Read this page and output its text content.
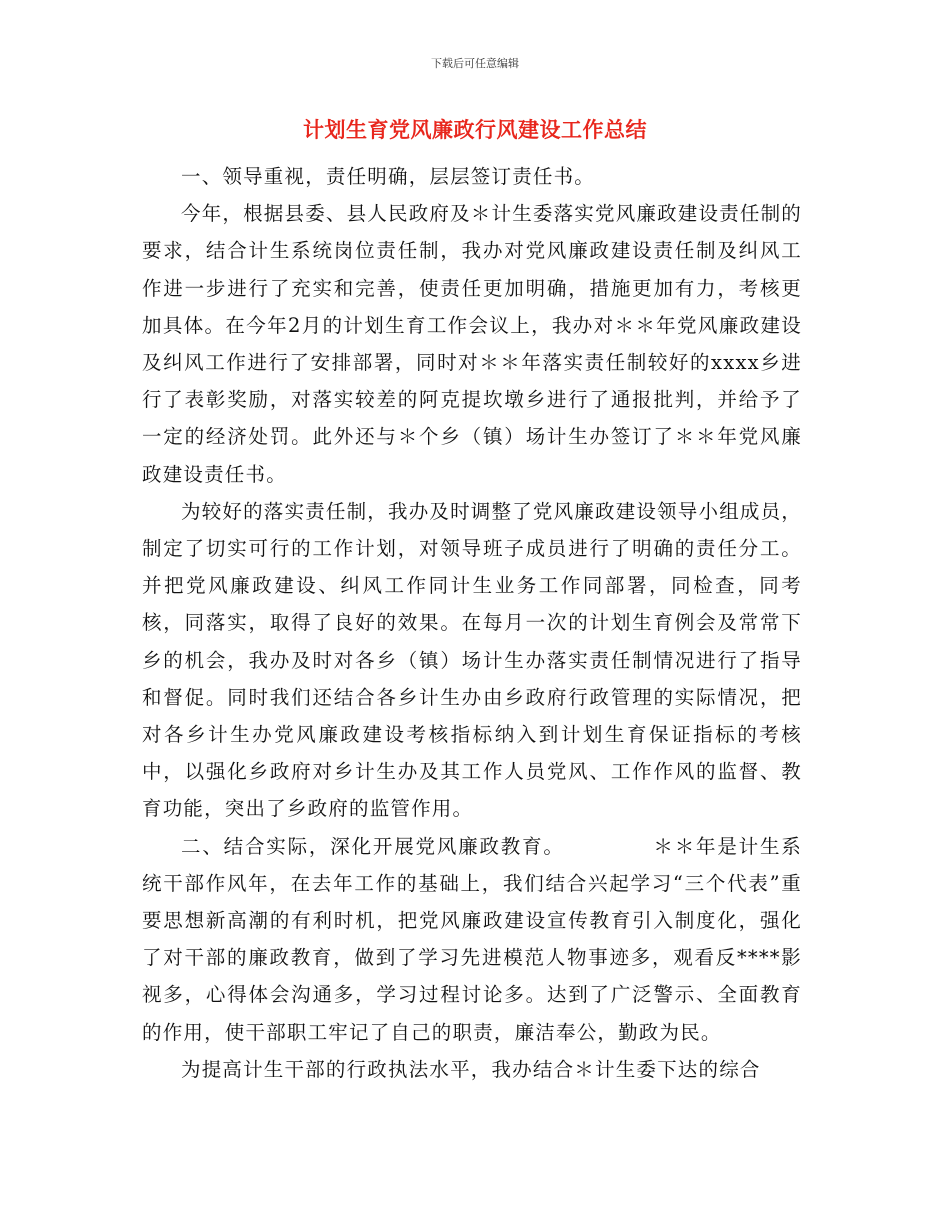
下载后可任意编辑
计划生育党风廉政行风建设工作总结

一、领导重视，责任明确，层层签订责任书。

今年，根据县委、县人民政府及＊计生委落实党风廉政建设责任制的要求，结合计生系统岗位责任制，我办对党风廉政建设责任制及纠风工作进一步进行了充实和完善，使责任更加明确，措施更加有力，考核更加具体。在今年2月的计划生育工作会议上，我办对＊＊年党风廉政建设及纠风工作进行了安排部署，同时对＊＊年落实责任制较好的xxxx乡进行了表彰奖励，对落实较差的阿克提坎墩乡进行了通报批判，并给予了一定的经济处罚。此外还与＊个乡（镇）场计生办签订了＊＊年党风廉政建设责任书。

为较好的落实责任制，我办及时调整了党风廉政建设领导小组成员，制定了切实可行的工作计划，对领导班子成员进行了明确的责任分工。并把党风廉政建设、纠风工作同计生业务工作同部署，同检查，同考核，同落实，取得了良好的效果。在每月一次的计划生育例会及常常下乡的机会，我办及时对各乡（镇）场计生办落实责任制情况进行了指导和督促。同时我们还结合各乡计生办由乡政府行政管理的实际情况，把对各乡计生办党风廉政建设考核指标纳入到计划生育保证指标的考核中，以强化乡政府对乡计生办及其工作人员党风、工作作风的监督、教育功能，突出了乡政府的监管作用。

二、结合实际，深化开展党风廉政教育。	＊＊年是计生系统干部作风年，在去年工作的基础上，我们结合兴起学习“三个代表”重要思想新高潮的有利时机，把党风廉政建设宣传教育引入制度化，强化了对干部的廉政教育，做到了学习先进模范人物事迹多，观看反****影视多，心得体会沟通多，学习过程讨论多。达到了广泛警示、全面教育的作用，使干部职工牢记了自己的职责，廉洁奉公，勤政为民。

为提高计生干部的行政执法水平，我办结合＊计生委下达的综合
